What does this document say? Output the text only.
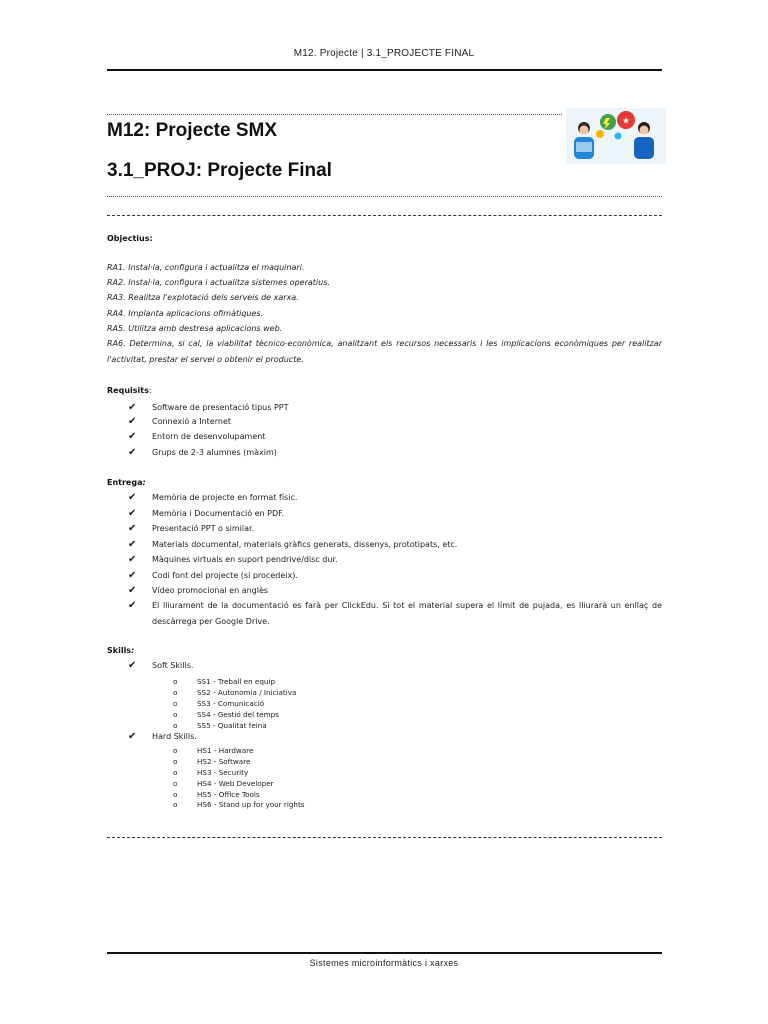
M12. Projecte | 3.1_PROJECTE FINAL
M12: Projecte SMX
3.1_PROJ: Projecte Final
★
Objectius:
RA1. Instal·la, configura i actualitza el maquinari.
RA2. Instal·la, configura i actualitza sistemes operatius.
RA3. Realitza l'explotació dels serveis de xarxa.
RA4. Implanta aplicacions ofimàtiques.
RA5. Utilitza amb destresa aplicacions web.
RA6. Determina, si cal, la viabilitat tècnico-econòmica, analitzant els recursos necessaris i les implicacions econòmiques per realitzar l'activitat, prestar el servei o obtenir el producte.
Requisits:
✔	Software de presentació tipus PPT
✔	Connexió a Internet
✔	Entorn de desenvolupament
✔	Grups de 2-3 alumnes (màxim)
Entrega:
✔	Memòria de projecte en format físic.
✔	Memòria i Documentació en PDF.
✔	Presentació PPT o similar.
✔	Materials documental, materials gràfics generats, dissenys, prototipats, etc.
✔	Màquines virtuals en suport pendrive/disc dur.
✔	Codi font del projecte (si procedeix).
✔	Vídeo promocional en anglès
✔	El lliurament de la documentació es farà per ClickEdu. Si tot el material supera el límit de pujada, es lliurarà un enllaç de descàrrega per Google Drive.
Skills:
✔	Soft Skills.
o	SS1 - Treball en equip
o	SS2 - Autonomia / Iniciativa
o	SS3 - Comunicació
o	SS4 - Gestió del temps
o	SS5 - Qualitat feina
✔	Hard Skills.
o	HS1 - Hardware
o	HS2 - Software
o	HS3 - Security
o	HS4 - Web Developer
o	HS5 - Office Tools
o	HS6 - Stand up for your rights
Sistemes microinformàtics i xarxes
